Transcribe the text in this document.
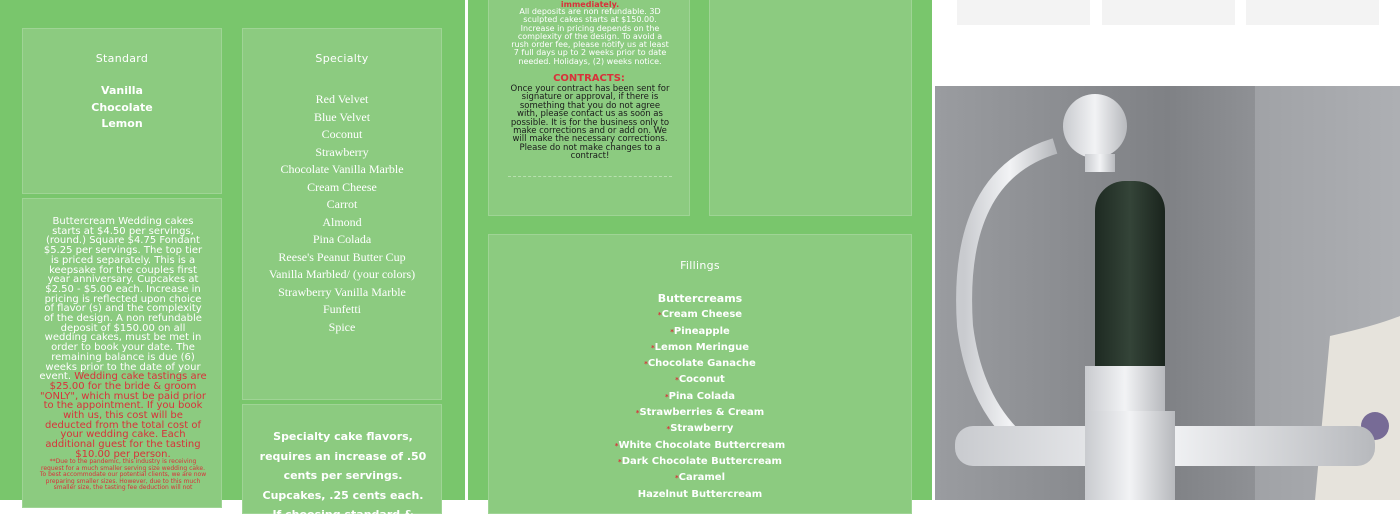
Standard
Vanilla
Chocolate
Lemon
Specialty
Red Velvet
Blue Velvet
Coconut
Strawberry
Chocolate Vanilla Marble
Cream Cheese
Carrot
Almond
Pina Colada
Reese's Peanut Butter Cup
Vanilla Marbled/ (your colors)
Strawberry Vanilla Marble
Funfetti
Spice
Buttercream Wedding cakes starts at $4.50 per servings, (round.) Square $4.75 Fondant $5.25 per servings. The top tier is priced separately. This is a keepsake for the couples first year anniversary. Cupcakes at $2.50 - $5.00 each. Increase in pricing is reflected upon choice of flavor (s) and the complexity of the design. A non refundable deposit of $150.00 on all wedding cakes, must be met in order to book your date. The remaining balance is due (6) weeks prior to the date of your event. Wedding cake tastings are $25.00 for the bride & groom "ONLY", which must be paid prior to the appointment. If you book with us, this cost will be deducted from the total cost of your wedding cake. Each additional guest for the tasting $10.00 per person.
**Due to the pandemic, this industry is receiving request for a much smaller serving size wedding cake. To best accommodate our potential clients, we are now preparing smaller sizes. However, due to this much smaller size, the tasting fee deduction will not
Specialty cake flavors, requires an increase of .50 cents per servings. Cupcakes, .25 cents each. If choosing standard &
immediately.
All deposits are non refundable. 3D sculpted cakes starts at $150.00. Increase in pricing depends on the complexity of the design. To avoid a rush order fee, please notify us at least 7 full days up to 2 weeks prior to date needed. Holidays, (2) weeks notice.
CONTRACTS:
Once your contract has been sent for signature or approval, if there is something that you do not agree with, please contact us as soon as possible. It is for the business only to make corrections and or add on. We will make the necessary corrections. Please do not make changes to a contract!
Fillings
Buttercreams
*Cream Cheese
*Pineapple
*Lemon Meringue
*Chocolate Ganache
*Coconut
*Pina Colada
*Strawberries & Cream
*Strawberry
*White Chocolate Buttercream
*Dark Chocolate Buttercream
*Caramel
Hazelnut Buttercream
